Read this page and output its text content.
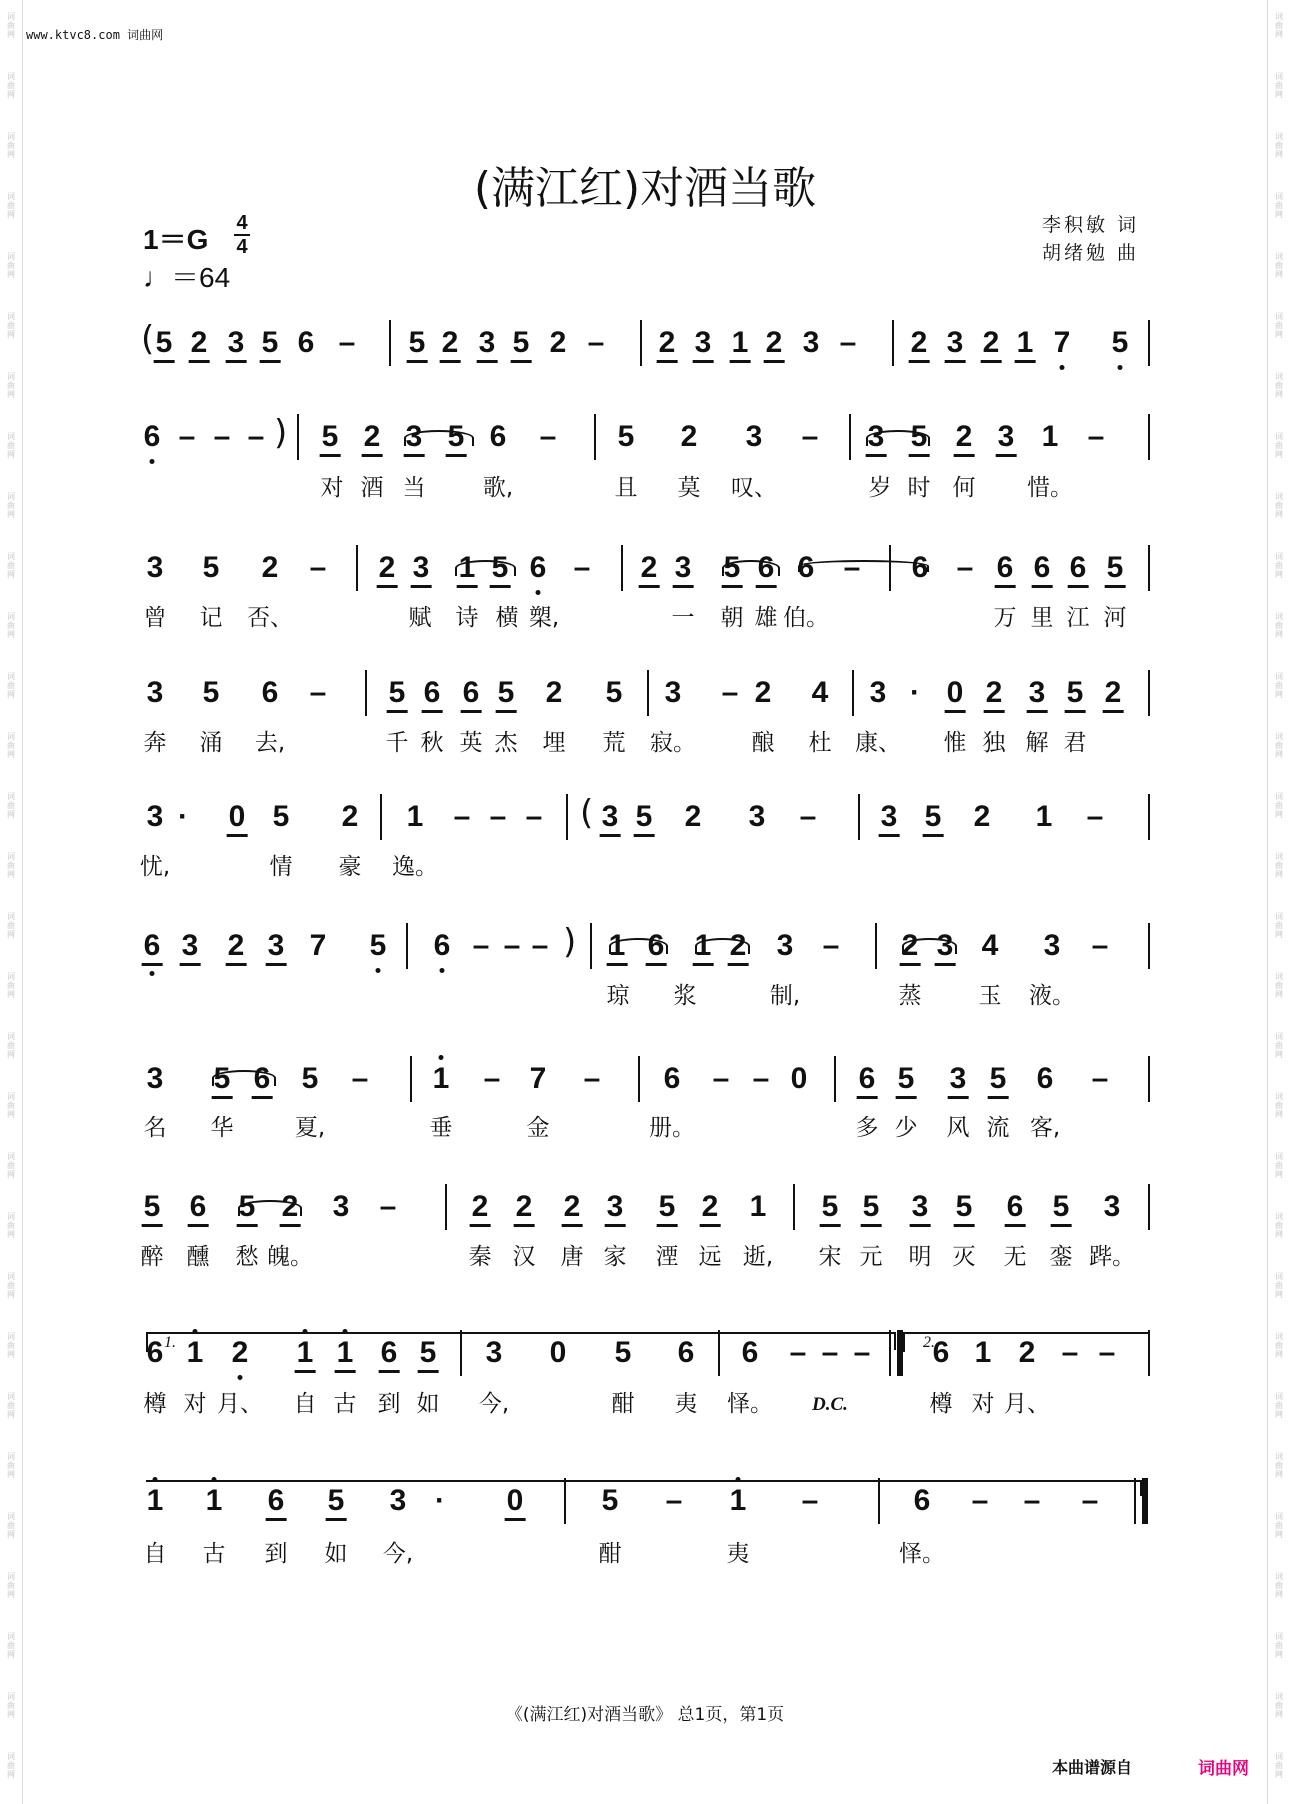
词
曲
网
词
曲
网
词
曲
网
词
曲
网
词
曲
网
词
曲
网
词
曲
网
词
曲
网
词
曲
网
词
曲
网
词
曲
网
词
曲
网
词
曲
网
词
曲
网
词
曲
网
词
曲
网
词
曲
网
词
曲
网
词
曲
网
词
曲
网
词
曲
网
词
曲
网
词
曲
网
词
曲
网
词
曲
网
词
曲
网
词
曲
网
词
曲
网
词
曲
网
词
曲
网
词
曲
网
词
曲
网
词
曲
网
词
曲
网
词
曲
网
词
曲
网
词
曲
网
词
曲
网
词
曲
网
词
曲
网
词
曲
网
词
曲
网
词
曲
网
词
曲
网
词
曲
网
词
曲
网
词
曲
网
词
曲
网
词
曲
网
词
曲
网
词
曲
网
词
曲
网
词
曲
网
词
曲
网
词
曲
网
词
曲
网
词
曲
网
词
曲
网
词
曲
网
词
曲
网
www.ktvc8.com 词曲网
(满江红)对酒当歌
1＝G
4
4
♩＝64
李积敏 词
胡绪勉 曲
5 2 3 5 6 – 5 2 3 5 2 – 2 3 1 2 3 – 2 3 2 1 7 5
(
6 – – – 5 2 3 5 6 – 5 2 3 – 3 5 2 3 1 –
)
对 酒 当 歌,	且 莫 叹、	岁 时 何 惜。
3 5 2 – 2 3 1 5 6 – 2 3 5 6 6 – 6 – 6 6 6 5
曾 记 否、	赋 诗 横 槊,	一 朝 雄 伯。	万 里 江 河
3 5 6 – 5 6 6 5 2 5 3 – 2 4 3 · 0 2 3 5 2
奔 涌 去,	千 秋 英 杰 埋 荒 寂。 酿 杜 康、 惟 独 解 君
3 · 0 5 2 1 – – – 3 5 2 3 – 3 5 2 1 –
(
忧,	情 豪 逸。
6 3 2 3 7 5 6 – – – 1 6 1 2 3 – 2 3 4 3 –
)
琼 浆	制,	蒸 玉 液。
3 5 6 5 – 1 – 7 – 6 – – 0 6 5 3 5 6 –
名 华	夏,	垂	金	册。	多 少 风 流 客,
5 6 5 2 3 –	2 2 2 3 5 2 1 5 5 3 5 6 5 3
醉 醺 愁 魄。	秦 汉 唐 家 湮 远 逝, 宋 元 明 灭 无 銮 跸。
6 1 2 1 1 6 5 3 0 5 6 6 – – – 6 1 2 – –
樽 对 月、 自 古 到 如 今,	酣 夷 怿。	樽 对 月、
1 1 6 5 3 · 0	5 – 1 –	6 – – –
自 古 到 如 今,	酣	夷	怿。
1.	2.
D.C.
《(满江红)对酒当歌》 总1页，第1页
本曲谱源自	词曲网
